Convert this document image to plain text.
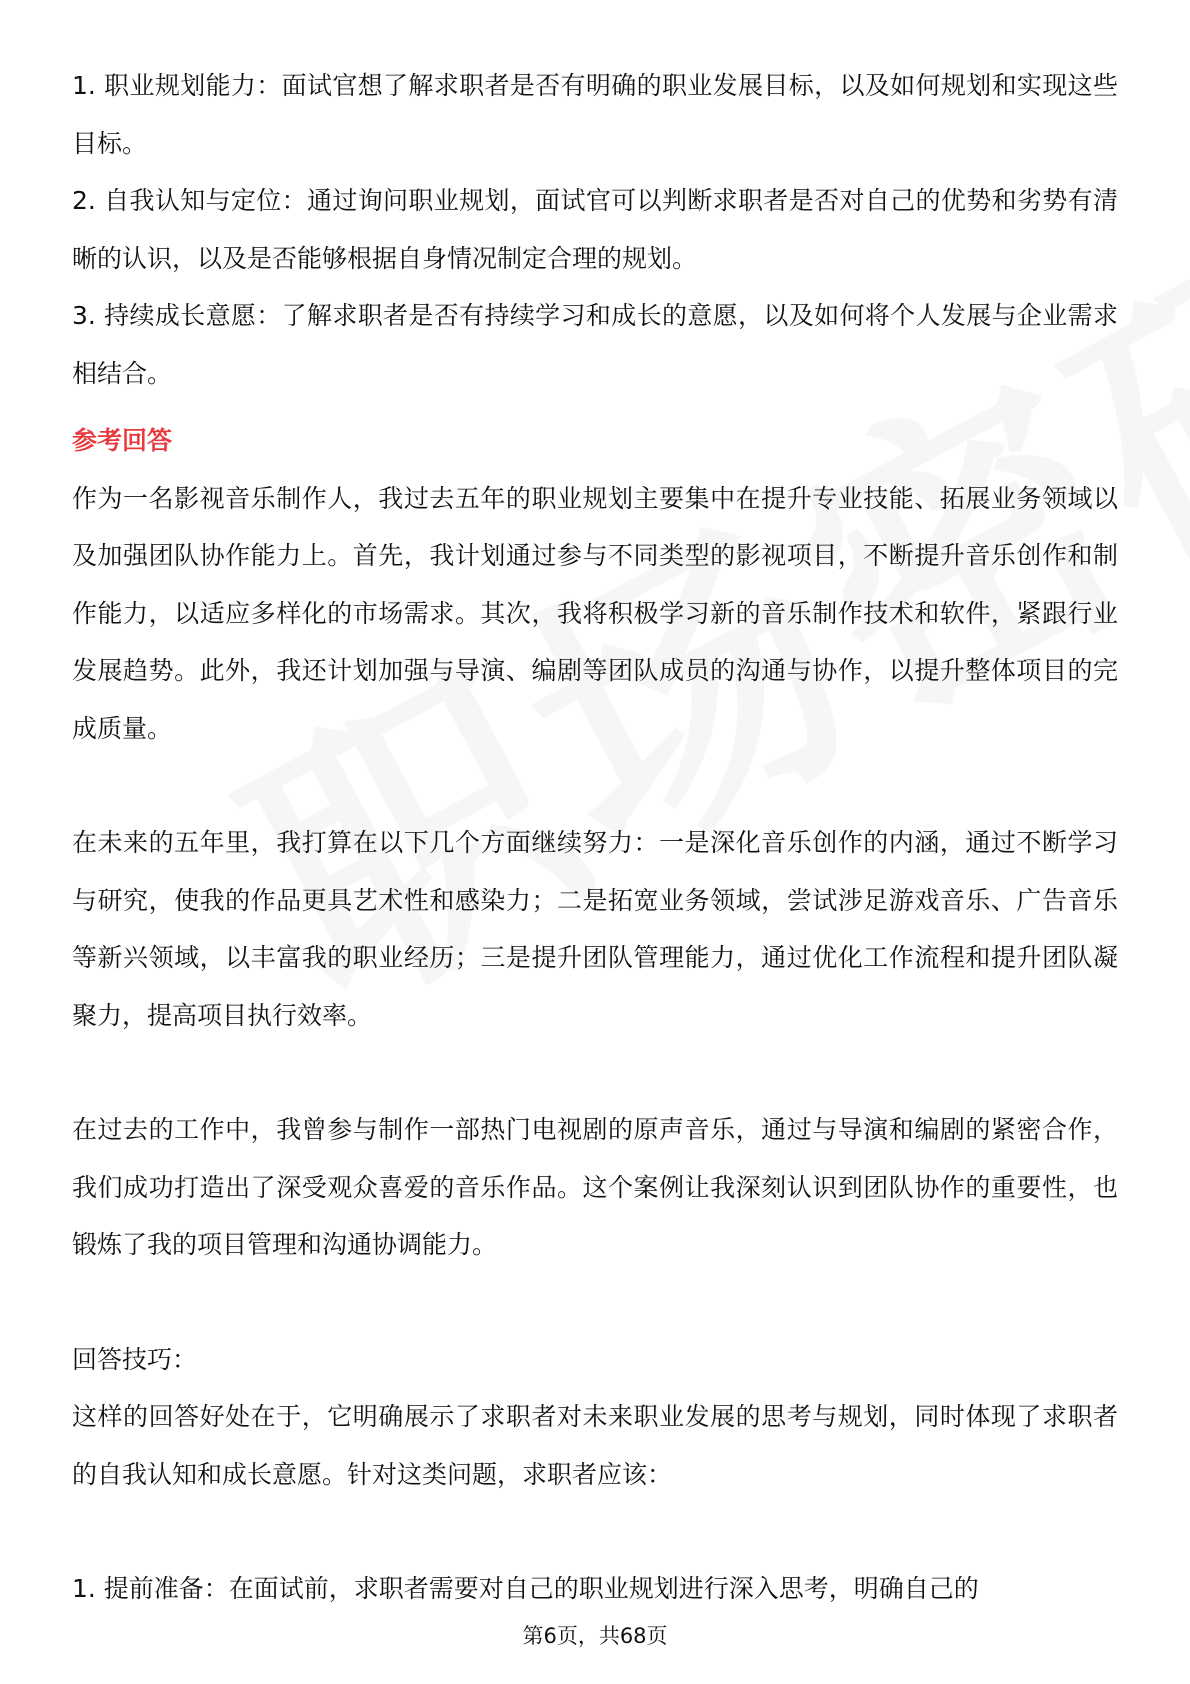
1. 职业规划能力：面试官想了解求职者是否有明确的职业发展目标，以及如何规划和实现这些目标。

2. 自我认知与定位：通过询问职业规划，面试官可以判断求职者是否对自己的优势和劣势有清晰的认识，以及是否能够根据自身情况制定合理的规划。

3. 持续成长意愿：了解求职者是否有持续学习和成长的意愿，以及如何将个人发展与企业需求相结合。

参考回答

作为一名影视音乐制作人，我过去五年的职业规划主要集中在提升专业技能、拓展业务领域以及加强团队协作能力上。首先，我计划通过参与不同类型的影视项目，不断提升音乐创作和制作能力，以适应多样化的市场需求。其次，我将积极学习新的音乐制作技术和软件，紧跟行业发展趋势。此外，我还计划加强与导演、编剧等团队成员的沟通与协作，以提升整体项目的完成质量。

在未来的五年里，我打算在以下几个方面继续努力：一是深化音乐创作的内涵，通过不断学习与研究，使我的作品更具艺术性和感染力；二是拓宽业务领域，尝试涉足游戏音乐、广告音乐等新兴领域，以丰富我的职业经历；三是提升团队管理能力，通过优化工作流程和提升团队凝聚力，提高项目执行效率。

在过去的工作中，我曾参与制作一部热门电视剧的原声音乐，通过与导演和编剧的紧密合作，我们成功打造出了深受观众喜爱的音乐作品。这个案例让我深刻认识到团队协作的重要性，也锻炼了我的项目管理和沟通协调能力。

回答技巧：

这样的回答好处在于，它明确展示了求职者对未来职业发展的思考与规划，同时体现了求职者的自我认知和成长意愿。针对这类问题，求职者应该：

1. 提前准备：在面试前，求职者需要对自己的职业规划进行深入思考，明确自己的

第6页，共68页
